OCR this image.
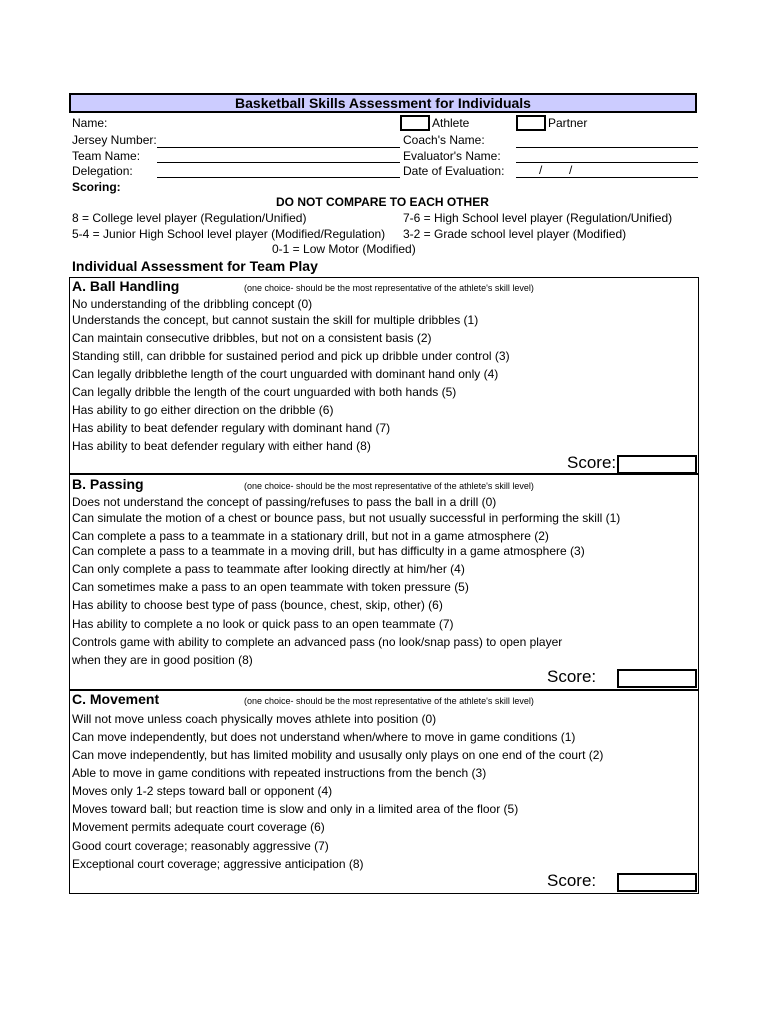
Basketball Skills Assessment for Individuals
Name:	Athlete	Partner
Jersey Number:	Coach's Name:
Team Name:	Evaluator's Name:
Delegation:	Date of Evaluation:	/ /
Scoring:
DO NOT COMPARE TO EACH OTHER
8 = College level player (Regulation/Unified)	7-6 = High School level player (Regulation/Unified)
5-4 = Junior High School level player (Modified/Regulation) 3-2 = Grade school level player (Modified)
0-1 = Low Motor (Modified)
Individual Assessment for Team Play
A. Ball Handling	(one choice- should be the most representative of the athlete's skill level)
No understanding of the dribbling concept (0)
Understands the concept, but cannot sustain the skill for multiple dribbles (1)
Can maintain consecutive dribbles, but not on a consistent basis (2)
Standing still, can dribble for sustained period and pick up dribble under control (3)
Can legally dribblethe length of the court unguarded with dominant hand only (4)
Can legally dribble the length of the court unguarded with both hands (5)
Has ability to go either direction on the dribble (6)
Has ability to beat defender regulary with dominant hand (7)
Has ability to beat defender regulary with either hand (8)
Score:
B. Passing	(one choice- should be the most representative of the athlete's skill level)
Does not understand the concept of passing/refuses to pass the ball in a drill (0)
Can simulate the motion of a chest or bounce pass, but not usually successful in performing the skill (1)
Can complete a pass to a teammate in a stationary drill, but not in a game atmosphere (2)
Can complete a pass to a teammate in a moving drill, but has difficulty in a game atmosphere (3)
Can only complete a pass to teammate after looking directly at him/her (4)
Can sometimes make a pass to an open teammate with token pressure (5)
Has ability to choose best type of pass (bounce, chest, skip, other) (6)
Has ability to complete a no look or quick pass to an open teammate (7)
Controls game with ability to complete an advanced pass (no look/snap pass) to open player
when they are in good position (8)
Score:
C. Movement	(one choice- should be the most representative of the athlete's skill level)
Will not move unless coach physically moves athlete into position (0)
Can move independently, but does not understand when/where to move in game conditions (1)
Can move independently, but has limited mobility and ususally only plays on one end of the court (2)
Able to move in game conditions with repeated instructions from the bench (3)
Moves only 1-2 steps toward ball or opponent (4)
Moves toward ball; but reaction time is slow and only in a limited area of the floor (5)
Movement permits adequate court coverage (6)
Good court coverage; reasonably aggressive (7)
Exceptional court coverage; aggressive anticipation (8)
Score:
